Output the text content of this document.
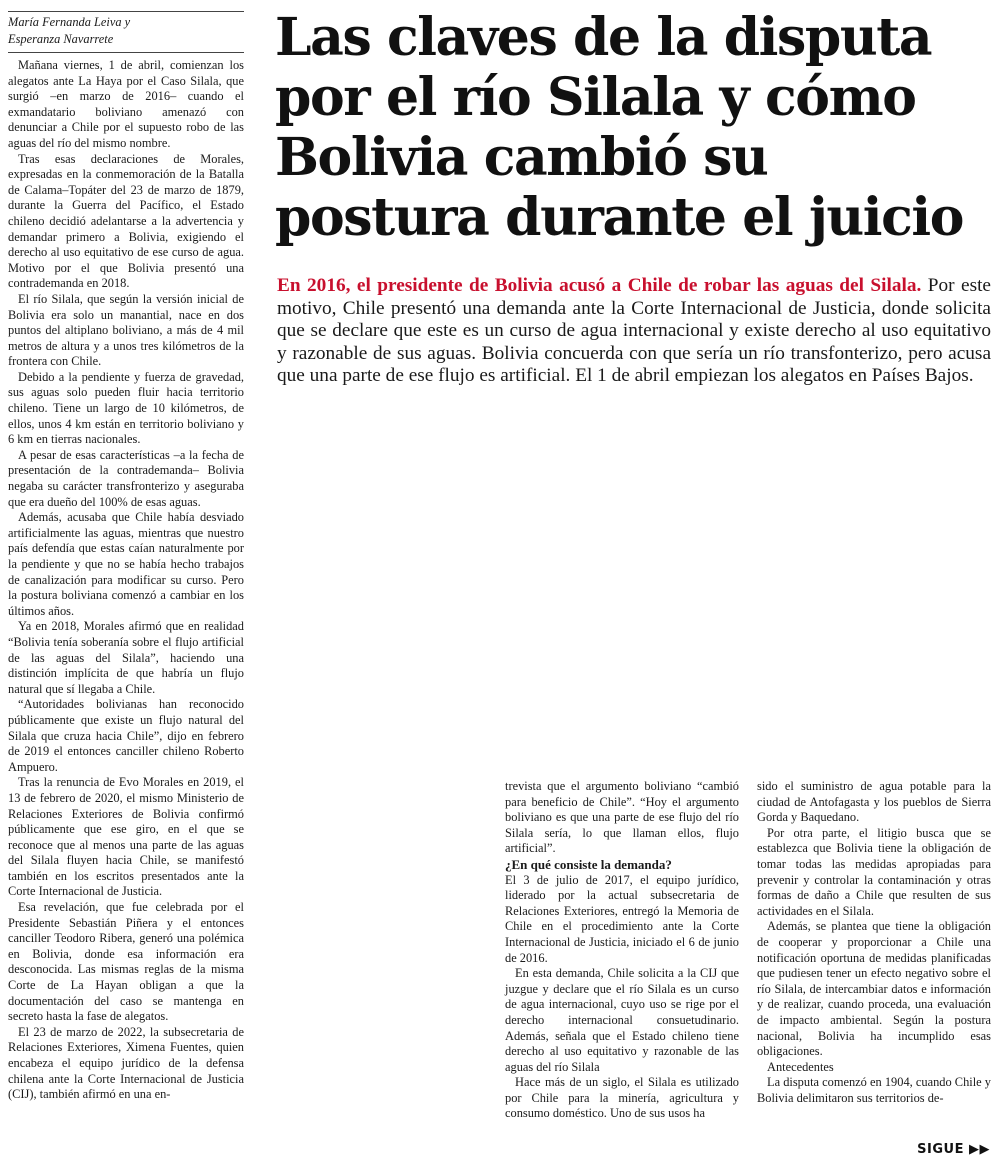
María Fernanda Leiva y
Esperanza Navarrete	Las claves de la disputa por el río Silala y cómo Bolivia cambió su postura durante el juicio

En 2016, el presidente de Bolivia acusó a Chile de robar las aguas del Silala. Por este motivo, Chile presentó una demanda ante la Corte Internacional de Justicia, donde solicita que se declare que este es un curso de agua internacional y existe derecho al uso equitativo y razonable de sus aguas. Bolivia concuerda con que sería un río transfonterizo, pero acusa que una parte de ese flujo es artificial. El 1 de abril empiezan los alegatos en Países Bajos.

Mañana viernes, 1 de abril, comienzan los alegatos ante La Haya por el Caso Silala, que surgió –en marzo de 2016– cuando el exmandatario boliviano amenazó con denunciar a Chile por el supuesto robo de las aguas del río del mismo nombre.

Tras esas declaraciones de Morales, expresadas en la conmemoración de la Batalla de Calama–Topáter del 23 de marzo de 1879, durante la Guerra del Pacífico, el Estado chileno decidió adelantarse a la advertencia y demandar primero a Bolivia, exigiendo el derecho al uso equitativo de ese curso de agua. Motivo por el que Bolivia presentó una contrademanda en 2018.

El río Silala, que según la versión inicial de Bolivia era solo un manantial, nace en dos puntos del altiplano boliviano, a más de 4 mil metros de altura y a unos tres kilómetros de la frontera con Chile.

Debido a la pendiente y fuerza de gravedad, sus aguas solo pueden fluir hacia territorio chileno. Tiene un largo de 10 kilómetros, de ellos, unos 4 km están en territorio boliviano y 6 km en tierras nacionales.

A pesar de esas características –a la fecha de presentación de la contrademanda– Bolivia negaba su carácter transfronterizo y aseguraba que era dueño del 100% de esas aguas.

Además, acusaba que Chile había desviado artificialmente las aguas, mientras que nuestro país defendía que estas caían naturalmente por la pendiente y que no se había hecho trabajos de canalización para modificar su curso. Pero la postura boliviana comenzó a cambiar en los últimos años.

Ya en 2018, Morales afirmó que en realidad “Bolivia tenía soberanía sobre el flujo artificial de las aguas del Silala”, haciendo una distinción implícita de que habría un flujo natural que sí llegaba a Chile.

“Autoridades bolivianas han reconocido públicamente que existe un flujo natural del Silala que cruza hacia Chile”, dijo en febrero de 2019 el entonces canciller chileno Roberto Ampuero.

Tras la renuncia de Evo Morales en 2019, el 13 de febrero de 2020, el mismo Ministerio de Relaciones Exteriores de Bolivia confirmó públicamente que ese giro, en el que se reconoce que al menos una parte de las aguas del Silala fluyen hacia Chile, se manifestó también en los escritos presentados ante la Corte Internacional de Justicia.

Esa revelación, que fue celebrada por el Presidente Sebastián Piñera y el entonces canciller Teodoro Ribera, generó una polémica en Bolivia, donde esa información era desconocida. Las mismas reglas de la misma Corte de La Hayan obligan a que la documentación del caso se mantenga en secreto hasta la fase de alegatos.

El 23 de marzo de 2022, la subsecretaria de Relaciones Exteriores, Ximena Fuentes, quien encabeza el equipo jurídico de la defensa chilena ante la Corte Internacional de Justicia (CIJ), también afirmó en una en-

trevista que el argumento boliviano “cambió para beneficio de Chile”. “Hoy el argumento boliviano es que una parte de ese flujo del río Silala sería, lo que llaman ellos, flujo artificial”.

¿En qué consiste la demanda?

El 3 de julio de 2017, el equipo jurídico, liderado por la actual subsecretaria de Relaciones Exteriores, entregó la Memoria de Chile en el procedimiento ante la Corte Internacional de Justicia, iniciado el 6 de junio de 2016.

En esta demanda, Chile solicita a la CIJ que juzgue y declare que el río Silala es un curso de agua internacional, cuyo uso se rige por el derecho internacional consuetudinario. Además, señala que el Estado chileno tiene derecho al uso equitativo y razonable de las aguas del río Silala

Hace más de un siglo, el Silala es utilizado por Chile para la minería, agricultura y consumo doméstico. Uno de sus usos ha

sido el suministro de agua potable para la ciudad de Antofagasta y los pueblos de Sierra Gorda y Baquedano.

Por otra parte, el litigio busca que se establezca que Bolivia tiene la obligación de tomar todas las medidas apropiadas para prevenir y controlar la contaminación y otras formas de daño a Chile que resulten de sus actividades en el Silala.

Además, se plantea que tiene la obligación de cooperar y proporcionar a Chile una notificación oportuna de medidas planificadas que pudiesen tener un efecto negativo sobre el río Silala, de intercambiar datos e información y de realizar, cuando proceda, una evaluación de impacto ambiental. Según la postura nacional, Bolivia ha incumplido esas obligaciones.

Antecedentes

La disputa comenzó en 1904, cuando Chile y Bolivia delimitaron sus territorios de-

SIGUE ▶▶
